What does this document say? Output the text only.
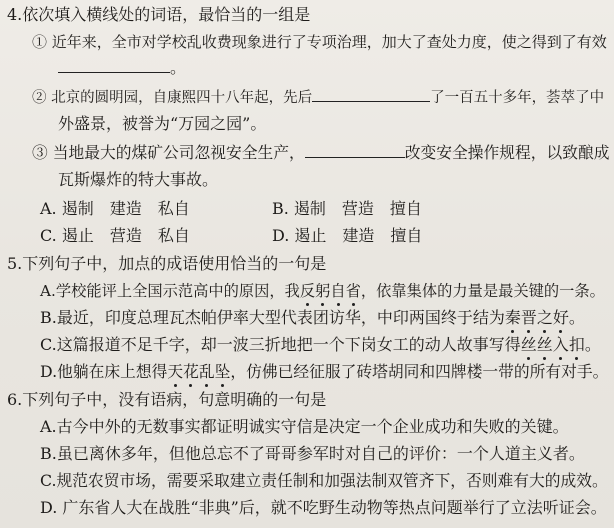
4.依次填入横线处的词语，最恰当的一组是
① 近年来，全市对学校乱收费现象进行了专项治理，加大了查处力度，使之得到了有效
。
② 北京的圆明园，自康熙四十八年起，先后	了一百五十多年，荟萃了中
外盛景，被誉为“万园之园”。
③ 当地最大的煤矿公司忽视安全生产，	改变安全操作规程，以致酿成
瓦斯爆炸的特大事故。
A. 遏制　建造　私自	B. 遏制　营造　擅自
C. 遏止　营造　私自	D. 遏止　建造　擅自
5.下列句子中，加点的成语使用恰当的一句是
A.学校能评上全国示范高中的原因，我反躬自省，依靠集体的力量是最关键的一条。
B.最近，印度总理瓦杰帕伊率大型代表团访华，中印两国终于结为秦晋之好。
C.这篇报道不足千字，却一波三折地把一个下岗女工的动人故事写得丝丝入扣。
D.他躺在床上想得天花乱坠，仿佛已经征服了砖塔胡同和四牌楼一带的所有对手。
6.下列句子中，没有语病，句意明确的一句是
A.古今中外的无数事实都证明诚实守信是决定一个企业成功和失败的关键。
B.虽已离休多年，但他总忘不了哥哥参军时对自己的评价：一个人道主义者。
C.规范农贸市场，需要采取建立责任制和加强法制双管齐下，否则难有大的成效。
D. 广东省人大在战胜“非典”后，就不吃野生动物等热点问题举行了立法听证会。
